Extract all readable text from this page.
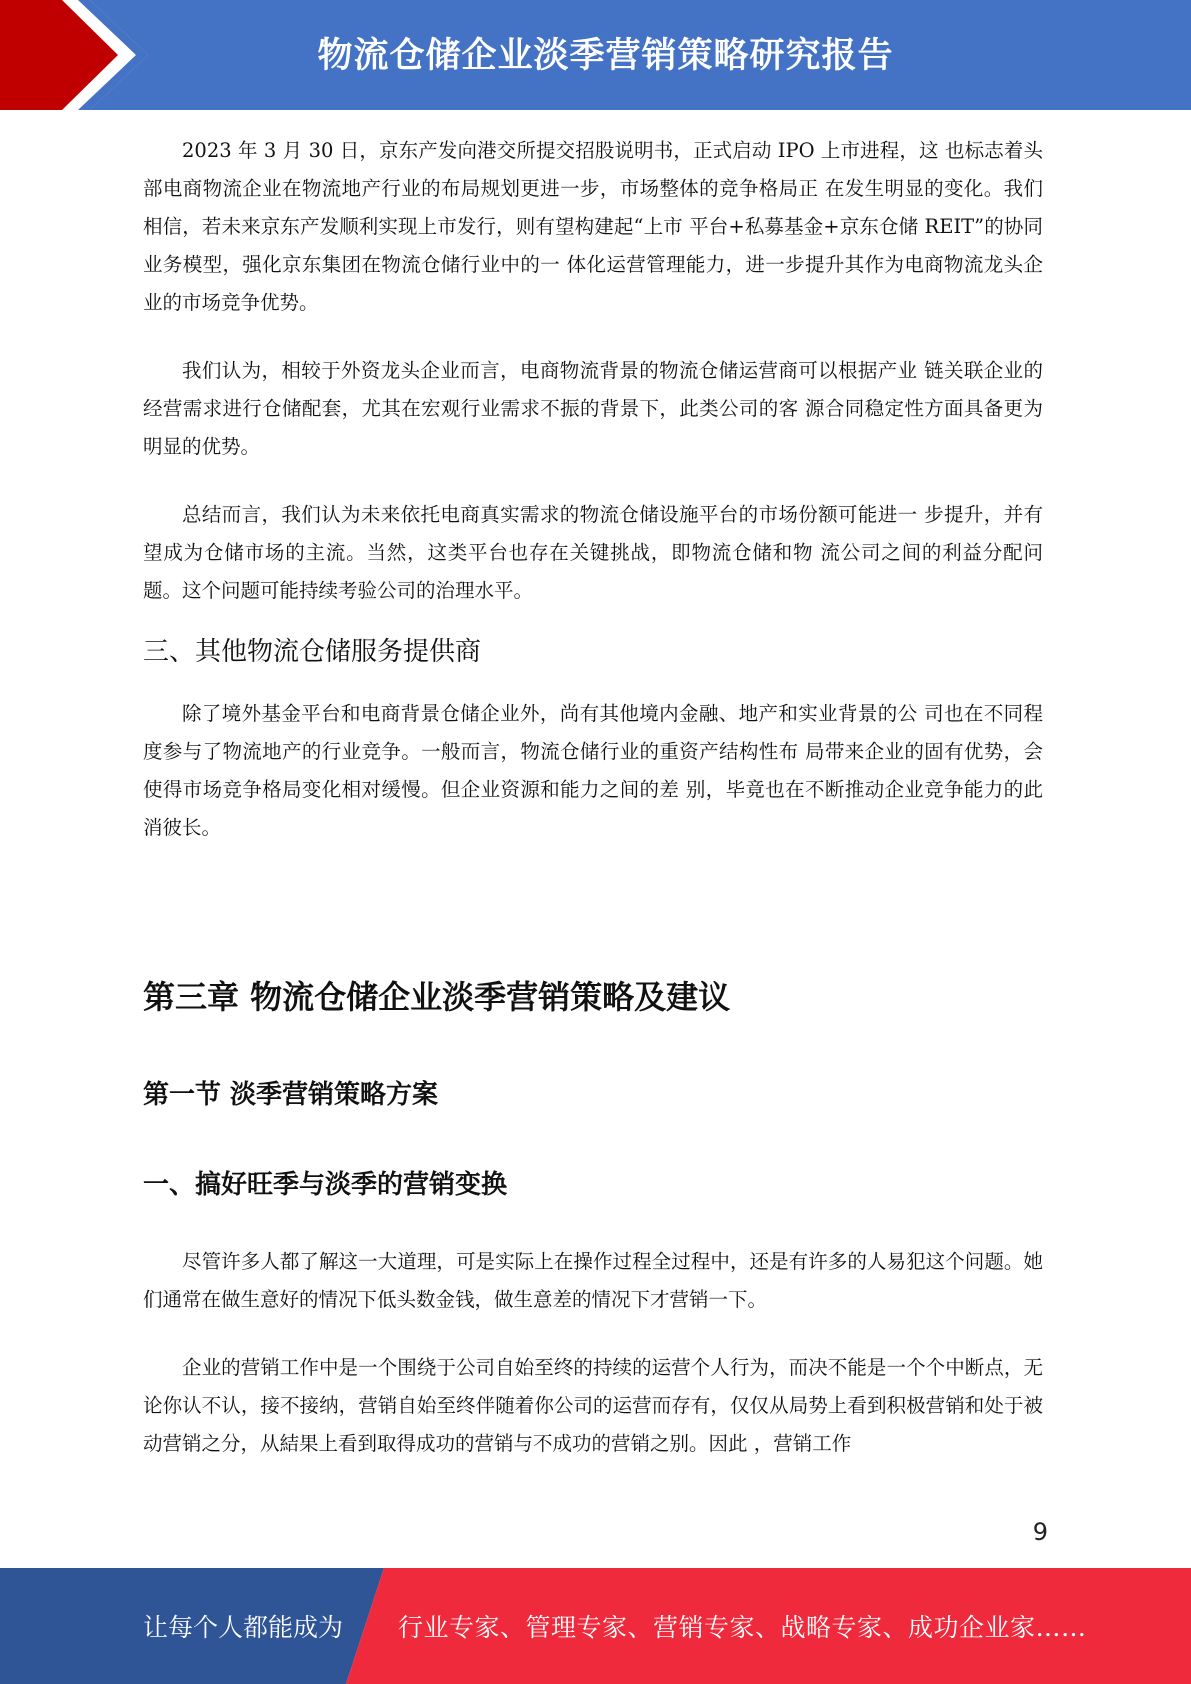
物流仓储企业淡季营销策略研究报告

2023 年 3 月 30 日，京东产发向港交所提交招股说明书，正式启动 IPO 上市进程，这 也标志着头部电商物流企业在物流地产行业的布局规划更进一步，市场整体的竞争格局正 在发生明显的变化。我们相信，若未来京东产发顺利实现上市发行，则有望构建起“上市 平台+私募基金+京东仓储 REIT”的协同业务模型，强化京东集团在物流仓储行业中的一 体化运营管理能力，进一步提升其作为电商物流龙头企业的市场竞争优势。

我们认为，相较于外资龙头企业而言，电商物流背景的物流仓储运营商可以根据产业 链关联企业的经营需求进行仓储配套，尤其在宏观行业需求不振的背景下，此类公司的客 源合同稳定性方面具备更为明显的优势。

总结而言，我们认为未来依托电商真实需求的物流仓储设施平台的市场份额可能进一 步提升，并有望成为仓储市场的主流。当然，这类平台也存在关键挑战，即物流仓储和物 流公司之间的利益分配问题。这个问题可能持续考验公司的治理水平。

三、其他物流仓储服务提供商

除了境外基金平台和电商背景仓储企业外，尚有其他境内金融、地产和实业背景的公 司也在不同程度参与了物流地产的行业竞争。一般而言，物流仓储行业的重资产结构性布 局带来企业的固有优势，会使得市场竞争格局变化相对缓慢。但企业资源和能力之间的差 别，毕竟也在不断推动企业竞争能力的此消彼长。

第三章 物流仓储企业淡季营销策略及建议
第一节 淡季营销策略方案
一、搞好旺季与淡季的营销变换

尽管许多人都了解这一大道理，可是实际上在操作过程全过程中，还是有许多的人易犯这个问题。她们通常在做生意好的情况下低头数金钱，做生意差的情况下才营销一下。

企业的营销工作中是一个围绕于公司自始至终的持续的运营个人行为，而决不能是一个个中断点，无论你认不认，接不接纳，营销自始至终伴随着你公司的运营而存有，仅仅从局势上看到积极营销和处于被动营销之分，从結果上看到取得成功的营销与不成功的营销之别。因此 ，营销工作

9
让每个人都能成为 行业专家、管理专家、营销专家、战略专家、成功企业家……
